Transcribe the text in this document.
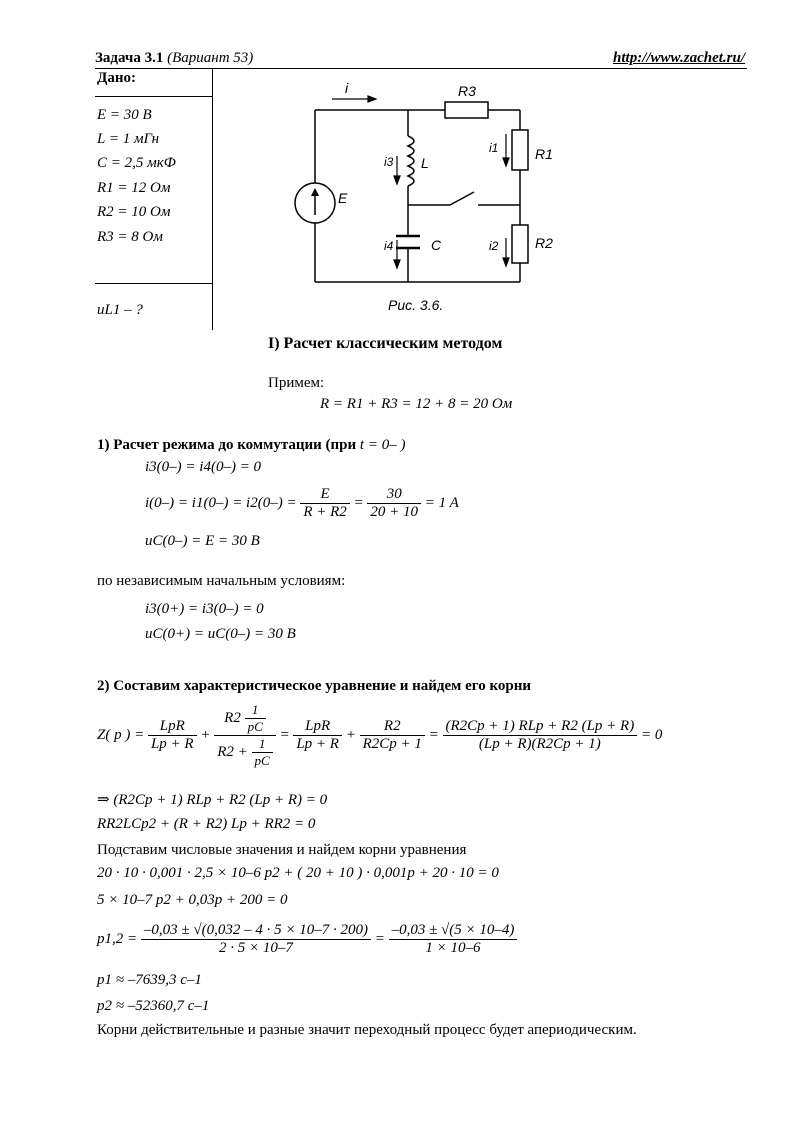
Задача 3.1 (Вариант 53)	http://www.zachet.ru/
Дано:
E = 30 В
L = 1 мГн
C = 2,5 мкФ
R1 = 12 Ом
R2 = 10 Ом
R3 = 8 Ом
uL1 – ?
i	R3
i1	R1
i3 L
E
i4	C	i2	R2
Рис. 3.6.
I) Расчет классическим методом
Примем:
R = R1 + R3 = 12 + 8 = 20 Ом
1) Расчет режима до коммутации (при t = 0– )
i3(0–) = i4(0–) = 0
$i(0-) = i1(0-) = i2(0-) = \frac{E}{R + R2} = \frac{30}{20 + 10} = 1$ A
uC(0–) = E = 30 В
по независимым начальным условиям:
i3(0+) = i3(0–) = 0
uC(0+) = uC(0–) = 30 В
2) Составим характеристическое уравнение и найдем его корни
Z( p ) = $\frac{\text{LpR}}{Lp + R} + \frac{R2 \frac{1}{pC}}{R2 + \frac{1}{pC}} = \frac{\text{LpR}}{Lp + R} + \frac{R2}{R2Cp + 1} = \frac{\text{(R2Cp + 1) RLp + R2 (Lp + R)}}{(Lp + R)(R2Cp + 1)} = 0$
⇒ (R2Cp + 1) RLp + R2 (Lp + R) = 0
RR2LCp2 + (R + R2) Lp + RR2 = 0
Подставим числовые значения и найдем корни уравнения
20 · 10 · 0,001 · 2,5 × 10–6 p2 + ( 20 + 10 ) · 0,001p + 20 · 10 = 0
5 × 10–7 p2 + 0,03p + 200 = 0
$p1,2 = \frac{-0,03 \pm √(0,032 - 4 \cdot 5 \times 10-7 \cdot 200)}{2 \cdot 5 \times 10-7} = \frac{-0,03 \pm √(5 \times 10-4)}{1 \times 10-6}$
p1 ≈ –7639,3 c–1
p2 ≈ –52360,7 c–1
Корни действительные и разные значит переходный процесс будет апериодическим.
